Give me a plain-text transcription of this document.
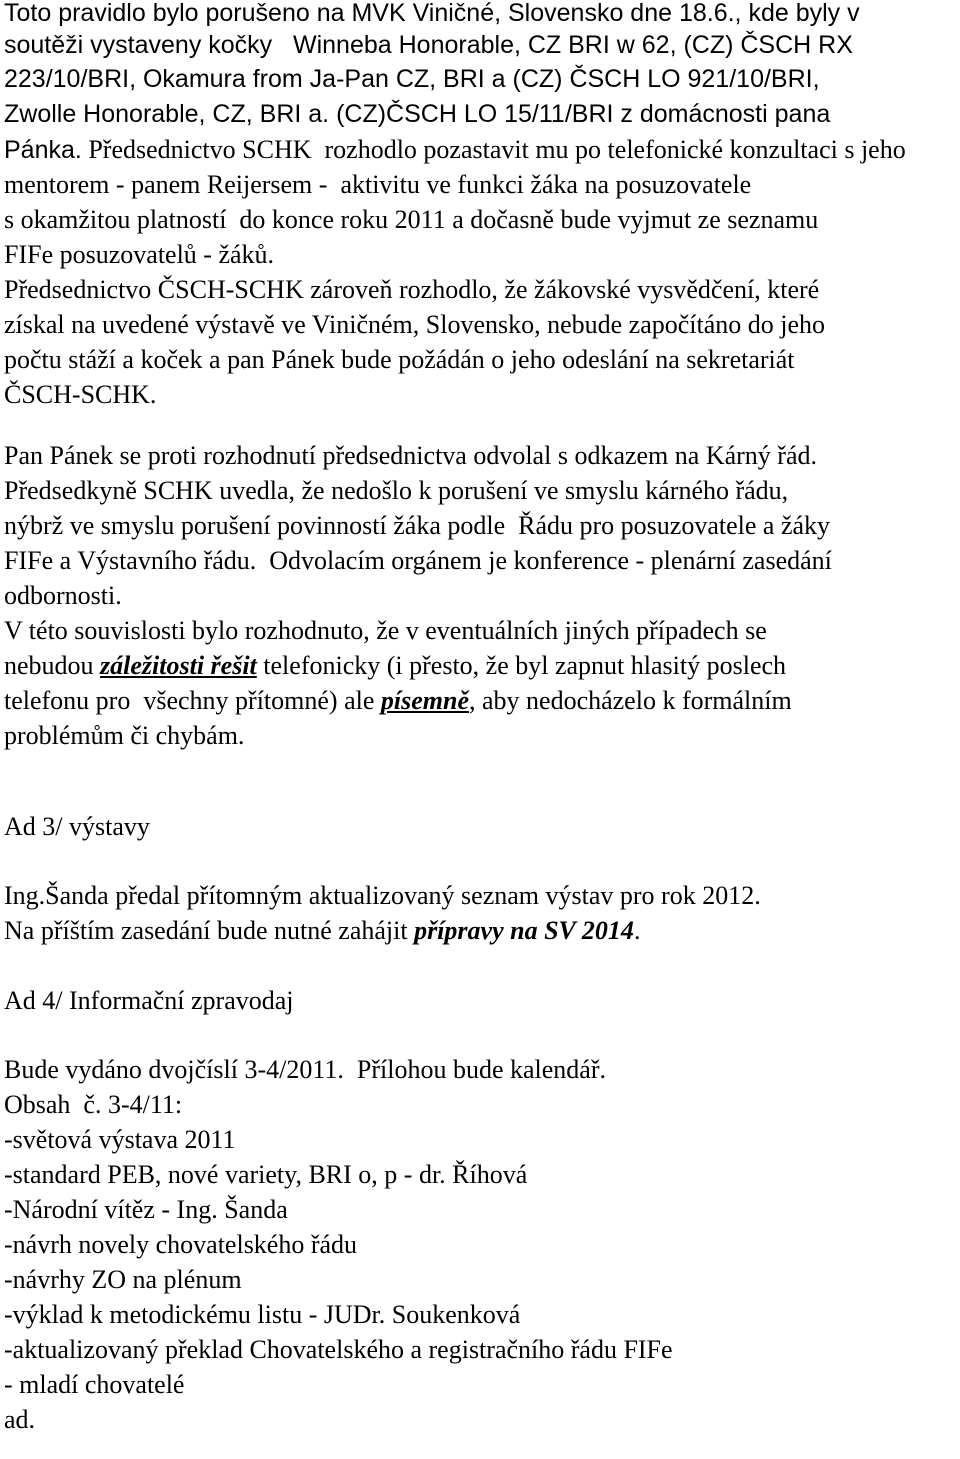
Toto pravidlo bylo porušeno na MVK Viničné, Slovensko dne 18.6., kde byly v
soutěži vystaveny kočky   Winneba Honorable, CZ BRI w 62, (CZ) ČSCH RX
223/10/BRI, Okamura from Ja-Pan CZ, BRI a (CZ) ČSCH LO 921/10/BRI,
Zwolle Honorable, CZ, BRI a. (CZ)ČSCH LO 15/11/BRI z domácnosti pana
Pánka. Předsednictvo SCHK  rozhodlo pozastavit mu po telefonické konzultaci s jeho
mentorem - panem Reijersem -  aktivitu ve funkci žáka na posuzovatele
s okamžitou platností  do konce roku 2011 a dočasně bude vyjmut ze seznamu
FIFe posuzovatelů - žáků.
Předsednictvo ČSCH-SCHK zároveň rozhodlo, že žákovské vysvědčení, které
získal na uvedené výstavě ve Viničném, Slovensko, nebude započítáno do jeho
počtu stáží a koček a pan Pánek bude požádán o jeho odeslání na sekretariát
ČSCH-SCHK.
Pan Pánek se proti rozhodnutí předsednictva odvolal s odkazem na Kárný řád.
Předsedkyně SCHK uvedla, že nedošlo k porušení ve smyslu kárného řádu,
nýbrž ve smyslu porušení povinností žáka podle  Řádu pro posuzovatele a žáky
FIFe a Výstavního řádu.  Odvolacím orgánem je konference - plenární zasedání
odbornosti.
V této souvislosti bylo rozhodnuto, že v eventuálních jiných případech se
nebudou záležitosti řešit telefonicky (i přesto, že byl zapnut hlasitý poslech
telefonu pro  všechny přítomné) ale písemně, aby nedocházelo k formálním
problémům či chybám.
Ad 3/ výstavy
Ing.Šanda předal přítomným aktualizovaný seznam výstav pro rok 2012.
Na příštím zasedání bude nutné zahájit přípravy na SV 2014.
Ad 4/ Informační zpravodaj
Bude vydáno dvojčíslí 3-4/2011.  Přílohou bude kalendář.
Obsah  č. 3-4/11:
-světová výstava 2011
-standard PEB, nové variety, BRI o, p - dr. Říhová
-Národní vítěz - Ing. Šanda
-návrh novely chovatelského řádu
-návrhy ZO na plénum
-výklad k metodickému listu - JUDr. Soukenková
-aktualizovaný překlad Chovatelského a registračního řádu FIFe
- mladí chovatelé
ad.
